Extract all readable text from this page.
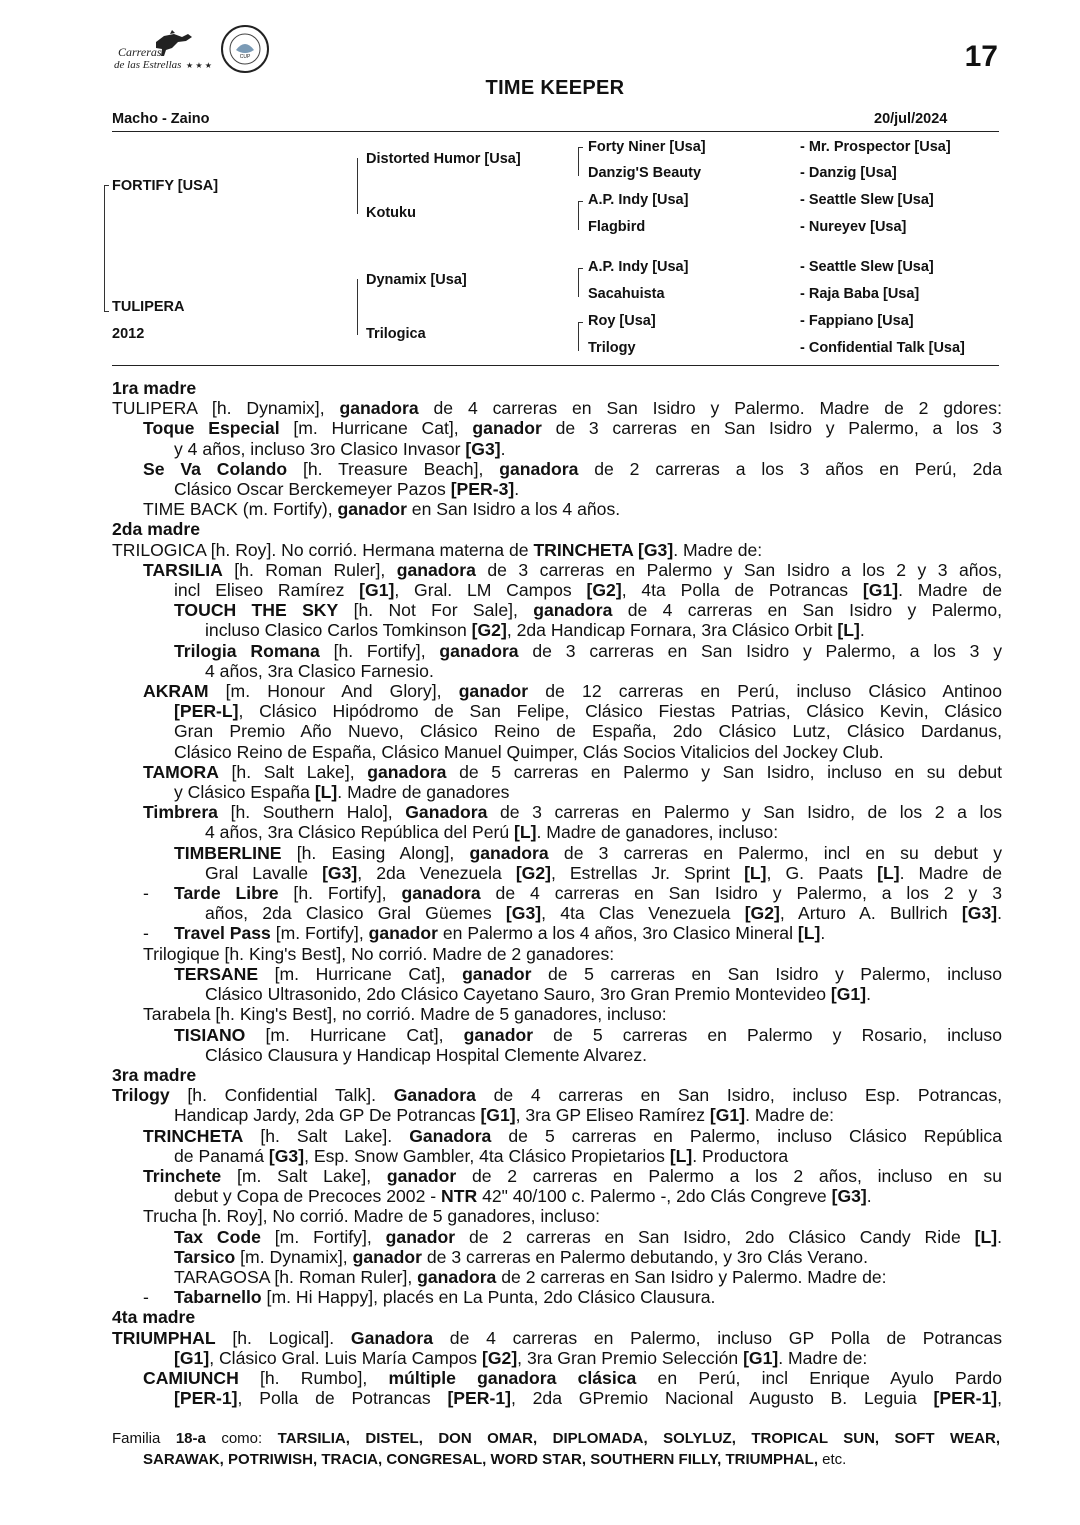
Carreras
de las Estrellas ★ ★ ★
CUP	17
TIME KEEPER
Macho - Zaino	20/jul/2024
FORTIFY [USA]
TULIPERA
2012
Distorted Humor [Usa]
Kotuku
Dynamix [Usa]
Trilogica
Forty Niner [Usa]
Danzig'S Beauty
A.P. Indy [Usa]
Flagbird
A.P. Indy [Usa]
Sacahuista
Roy [Usa]
Trilogy
- Mr. Prospector [Usa]
- Danzig [Usa]
- Seattle Slew [Usa]
- Nureyev [Usa]
- Seattle Slew [Usa]
- Raja Baba [Usa]
- Fappiano [Usa]
- Confidential Talk [Usa]
1ra madre
TULIPERA [h. Dynamix], ganadora de 4 carreras en San Isidro y Palermo. Madre de 2 gdores:
Toque Especial [m. Hurricane Cat], ganador de 3 carreras en San Isidro y Palermo, a los 3
y 4 años, incluso 3ro Clasico Invasor [G3].
Se Va Colando [h. Treasure Beach], ganadora de 2 carreras a los 3 años en Perú, 2da
Clásico Oscar Berckemeyer Pazos [PER-3].
TIME BACK (m. Fortify), ganador en San Isidro a los 4 años.
2da madre
TRILOGICA [h. Roy]. No corrió. Hermana materna de TRINCHETA [G3]. Madre de:
TARSILIA [h. Roman Ruler], ganadora de 3 carreras en Palermo y San Isidro a los 2 y 3 años,
incl Eliseo Ramírez [G1], Gral. LM Campos [G2], 4ta Polla de Potrancas [G1]. Madre de
TOUCH THE SKY [h. Not For Sale], ganadora de 4 carreras en San Isidro y Palermo,
incluso Clasico Carlos Tomkinson [G2], 2da Handicap Fornara, 3ra Clásico Orbit [L].
Trilogia Romana [h. Fortify], ganadora de 3 carreras en San Isidro y Palermo, a los 3 y
4 años, 3ra Clasico Farnesio.
AKRAM [m. Honour And Glory], ganador de 12 carreras en Perú, incluso Clásico Antinoo
[PER-L], Clásico Hipódromo de San Felipe, Clásico Fiestas Patrias, Clásico Kevin, Clásico
Gran Premio Año Nuevo, Clásico Reino de España, 2do Clásico Lutz, Clásico Dardanus,
Clásico Reino de España, Clásico Manuel Quimper, Clás Socios Vitalicios del Jockey Club.
TAMORA [h. Salt Lake], ganadora de 5 carreras en Palermo y San Isidro, incluso en su debut
y Clásico España [L]. Madre de ganadores
Timbrera [h. Southern Halo], Ganadora de 3 carreras en Palermo y San Isidro, de los 2 a los
4 años, 3ra Clásico República del Perú [L]. Madre de ganadores, incluso:
TIMBERLINE [h. Easing Along], ganadora de 3 carreras en Palermo, incl en su debut y
Gral Lavalle [G3], 2da Venezuela [G2], Estrellas Jr. Sprint [L], G. Paats [L]. Madre de
- Tarde Libre [h. Fortify], ganadora de 4 carreras en San Isidro y Palermo, a los 2 y 3
años, 2da Clasico Gral Güemes [G3], 4ta Clas Venezuela [G2], Arturo A. Bullrich [G3].
- Travel Pass [m. Fortify], ganador en Palermo a los 4 años, 3ro Clasico Mineral [L].
Trilogique [h. King's Best], No corrió. Madre de 2 ganadores:
TERSANE [m. Hurricane Cat], ganador de 5 carreras en San Isidro y Palermo, incluso
Clásico Ultrasonido, 2do Clásico Cayetano Sauro, 3ro Gran Premio Montevideo [G1].
Tarabela [h. King's Best], no corrió. Madre de 5 ganadores, incluso:
TISIANO [m. Hurricane Cat], ganador de 5 carreras en Palermo y Rosario, incluso
Clásico Clausura y Handicap Hospital Clemente Alvarez.
3ra madre
Trilogy [h. Confidential Talk]. Ganadora de 4 carreras en San Isidro, incluso Esp. Potrancas,
Handicap Jardy, 2da GP De Potrancas [G1], 3ra GP Eliseo Ramírez [G1]. Madre de:
TRINCHETA [h. Salt Lake]. Ganadora de 5 carreras en Palermo, incluso Clásico República
de Panamá [G3], Esp. Snow Gambler, 4ta Clásico Propietarios [L]. Productora
Trinchete [m. Salt Lake], ganador de 2 carreras en Palermo a los 2 años, incluso en su
debut y Copa de Precoces 2002 - NTR 42" 40/100 c. Palermo -, 2do Clás Congreve [G3].
Trucha [h. Roy], No corrió. Madre de 5 ganadores, incluso:
Tax Code [m. Fortify], ganador de 2 carreras en San Isidro, 2do Clásico Candy Ride [L].
Tarsico [m. Dynamix], ganador de 3 carreras en Palermo debutando, y 3ro Clás Verano.
TARAGOSA [h. Roman Ruler], ganadora de 2 carreras en San Isidro y Palermo. Madre de:
- Tabarnello [m. Hi Happy], placés en La Punta, 2do Clásico Clausura.
4ta madre
TRIUMPHAL [h. Logical]. Ganadora de 4 carreras en Palermo, incluso GP Polla de Potrancas
[G1], Clásico Gral. Luis María Campos [G2], 3ra Gran Premio Selección [G1]. Madre de:
CAMIUNCH [h. Rumbo], múltiple ganadora clásica en Perú, incl Enrique Ayulo Pardo
[PER-1], Polla de Potrancas [PER-1], 2da GPremio Nacional Augusto B. Leguia [PER-1],
Familia 18-a como: TARSILIA, DISTEL, DON OMAR, DIPLOMADA, SOLYLUZ, TROPICAL SUN, SOFT WEAR,
SARAWAK, POTRIWISH, TRACIA, CONGRESAL, WORD STAR, SOUTHERN FILLY, TRIUMPHAL, etc.
